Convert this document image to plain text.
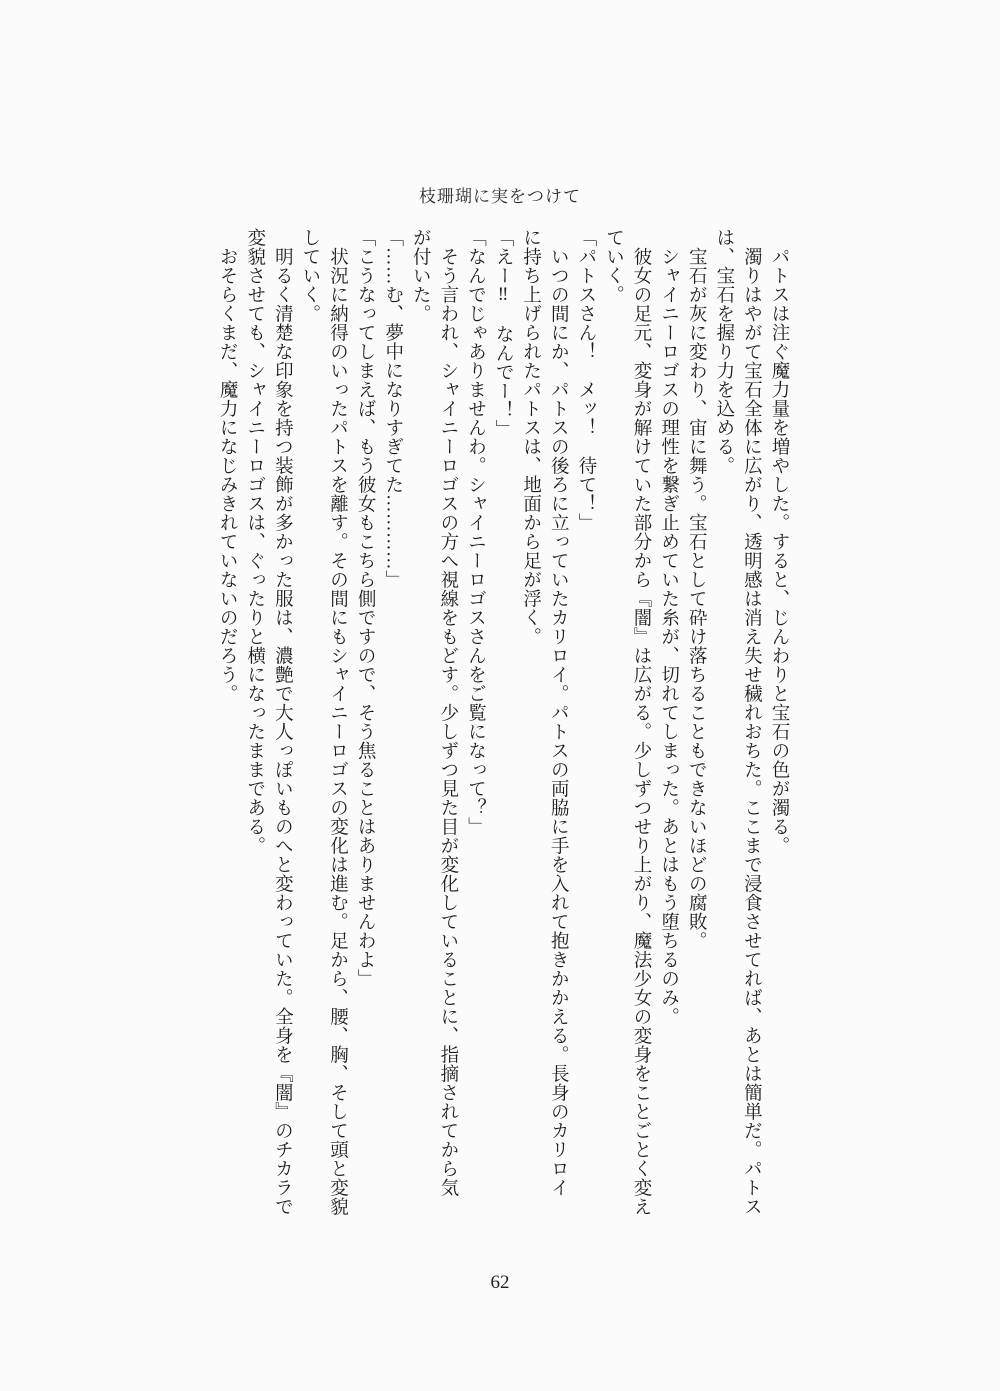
枝珊瑚に実をつけて
　パトスは注ぐ魔力量を増やした。すると、じんわりと宝石の色が濁る。
　濁りはやがて宝石全体に広がり、透明感は消え失せ穢れおちた。ここまで浸食させてれば、あとは簡単だ。パトス
は、宝石を握り力を込める。
　宝石が灰に変わり、宙に舞う。宝石として砕け落ちることもできないほどの腐敗。
　シャイニーロゴスの理性を繋ぎ止めていた糸が、切れてしまった。あとはもう堕ちるのみ。
　彼女の足元、変身が解けていた部分から『闇』は広がる。少しずつせり上がり、魔法少女の変身をことごとく変え
ていく。
「パトスさん！　メッ！　待て！」
　いつの間にか、パトスの後ろに立っていたカリロイ。パトスの両脇に手を入れて抱きかかえる。長身のカリロイ
に持ち上げられたパトスは、地面から足が浮く。
「えー‼　なんでー！」
「なんでじゃありませんわ。シャイニーロゴスさんをご覧になって？」
　そう言われ、シャイニーロゴスの方へ視線をもどす。少しずつ見た目が変化していることに、指摘されてから気
が付いた。
「……む、夢中になりすぎてた…………」
「こうなってしまえば、もう彼女もこちら側ですので、そう焦ることはありませんわよ」
　状況に納得のいったパトスを離す。その間にもシャイニーロゴスの変化は進む。足から、腰、胸、そして頭と変貌
していく。
　明るく清楚な印象を持つ装飾が多かった服は、濃艶で大人っぽいものへと変わっていた。全身を『闇』のチカラで
変貌させても、シャイニーロゴスは、ぐったりと横になったままである。
　おそらくまだ、魔力になじみきれていないのだろう。
62
